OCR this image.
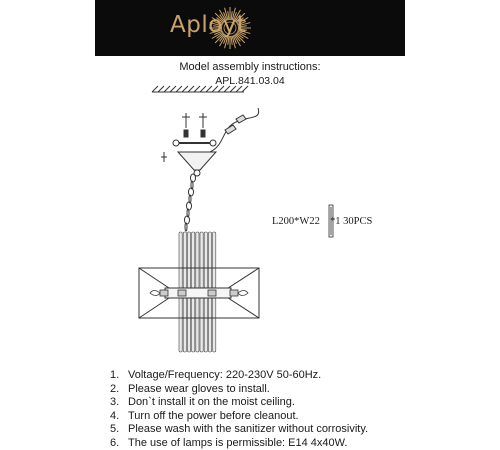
Aployt
Model assembly instructions:
APL.841.03.04
L200*W22 *1 30PCS
1. Voltage/Frequency: 220-230V 50-60Hz.
2. Please wear gloves to install.
3. Don`t install it on the moist ceiling.
4. Turn off the power before cleanout.
5. Please wash with the sanitizer without corrosivity.
6. The use of lamps is permissible: E14 4x40W.
